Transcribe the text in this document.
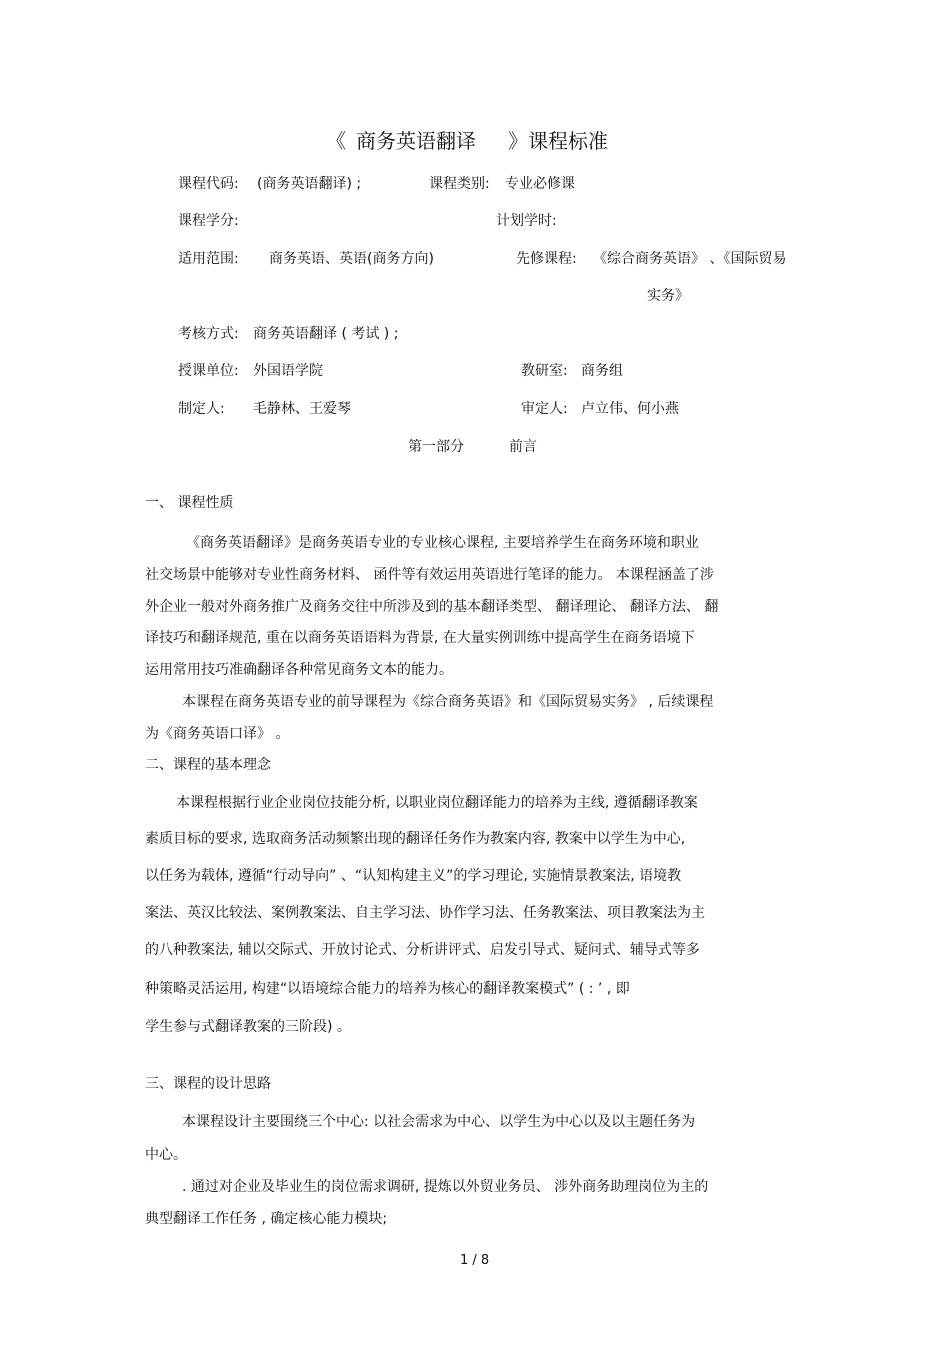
《 商务英语翻译 》课程标准
课程代码: (商务英语翻译) ;	课程类别: 专业必修课
课程学分:	计划学时:
适用范围: 商务英语、英语(商务方向)	先修课程: 《综合商务英语》 、《国际贸易
实务》
考核方式: 商务英语翻译 ( 考试 ) ;
授课单位: 外国语学院	教研室: 商务组
制定人: 毛静林、王爱琴	审定人: 卢立伟、何小燕
第一部分	前言
一、 课程性质
《商务英语翻译》是商务英语专业的专业核心课程, 主要培养学生在商务环境和职业
社交场景中能够对专业性商务材料、 函件等有效运用英语进行笔译的能力。 本课程涵盖了涉
外企业一般对外商务推广及商务交往中所涉及到的基本翻译类型、 翻译理论、 翻译方法、 翻
译技巧和翻译规范, 重在以商务英语语料为背景, 在大量实例训练中提高学生在商务语境下
运用常用技巧准确翻译各种常见商务文本的能力。
本课程在商务英语专业的前导课程为《综合商务英语》和《国际贸易实务》 , 后续课程
为《商务英语口译》 。
二、课程的基本理念
本课程根据行业企业岗位技能分析, 以职业岗位翻译能力的培养为主线, 遵循翻译教案
素质目标的要求, 选取商务活动频繁出现的翻译任务作为教案内容, 教案中以学生为中心,
以任务为载体, 遵循“行动导向” 、“认知构建主义”的学习理论, 实施情景教案法, 语境教
案法、英汉比较法、案例教案法、自主学习法、协作学习法、任务教案法、项目教案法为主
的八种教案法, 辅以交际式、开放讨论式、分析讲评式、启发引导式、疑问式、辅导式等多
种策略灵活运用, 构建“以语境综合能力的培养为核心的翻译教案模式” ( : ’ , 即
学生参与式翻译教案的三阶段) 。
三、课程的设计思路
本课程设计主要围绕三个中心: 以社会需求为中心、以学生为中心以及以主题任务为
中心。
. 通过对企业及毕业生的岗位需求调研, 提炼以外贸业务员、 涉外商务助理岗位为主的
典型翻译工作任务 , 确定核心能力模块;
1 / 8
